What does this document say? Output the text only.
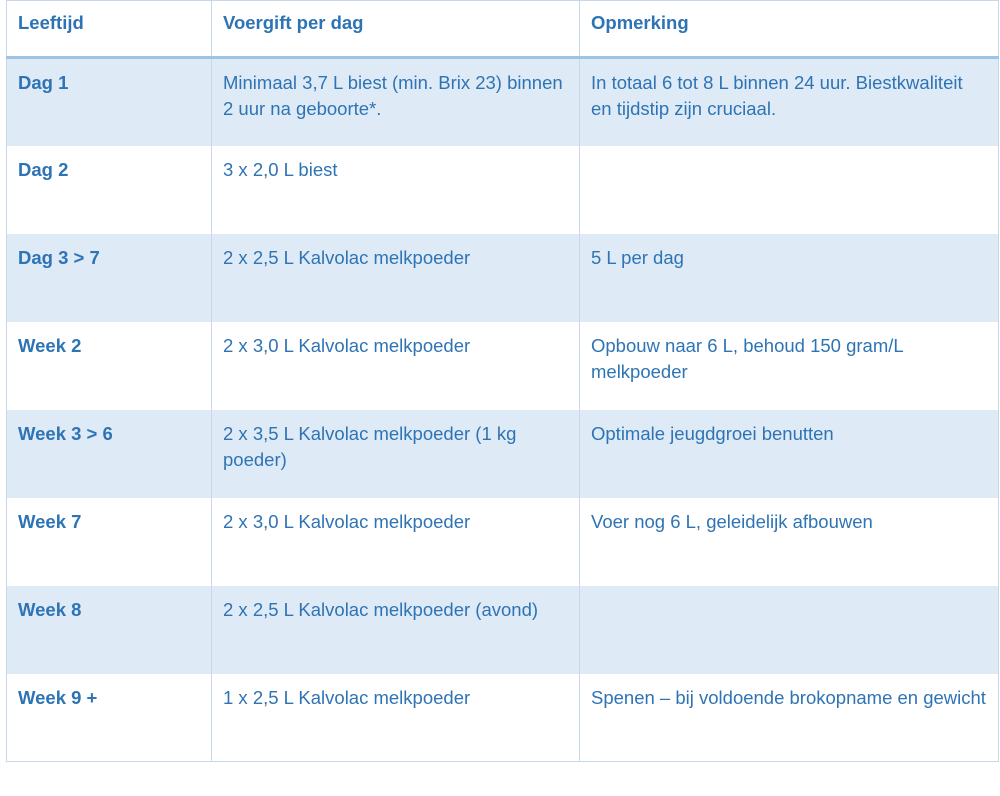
Leeftijd	Voergift per dag	Opmerking
Dag 1	Minimaal 3,7 L biest (min. Brix 23) binnen 2 uur na geboorte*.	In totaal 6 tot 8 L binnen 24 uur. Biestkwaliteit en tijdstip zijn cruciaal.
Dag 2	3 x 2,0 L biest	
Dag 3 > 7	2 x 2,5 L Kalvolac melkpoeder	5 L per dag
Week 2	2 x 3,0 L Kalvolac melkpoeder	Opbouw naar 6 L, behoud 150 gram/L melkpoeder
Week 3 > 6	2 x 3,5 L Kalvolac melkpoeder (1 kg poeder)	Optimale jeugdgroei benutten
Week 7	2 x 3,0 L Kalvolac melkpoeder	Voer nog 6 L, geleidelijk afbouwen
Week 8	2 x 2,5 L Kalvolac melkpoeder (avond)	
Week 9 +	1 x 2,5 L Kalvolac melkpoeder	Spenen – bij voldoende brokopname en gewicht
